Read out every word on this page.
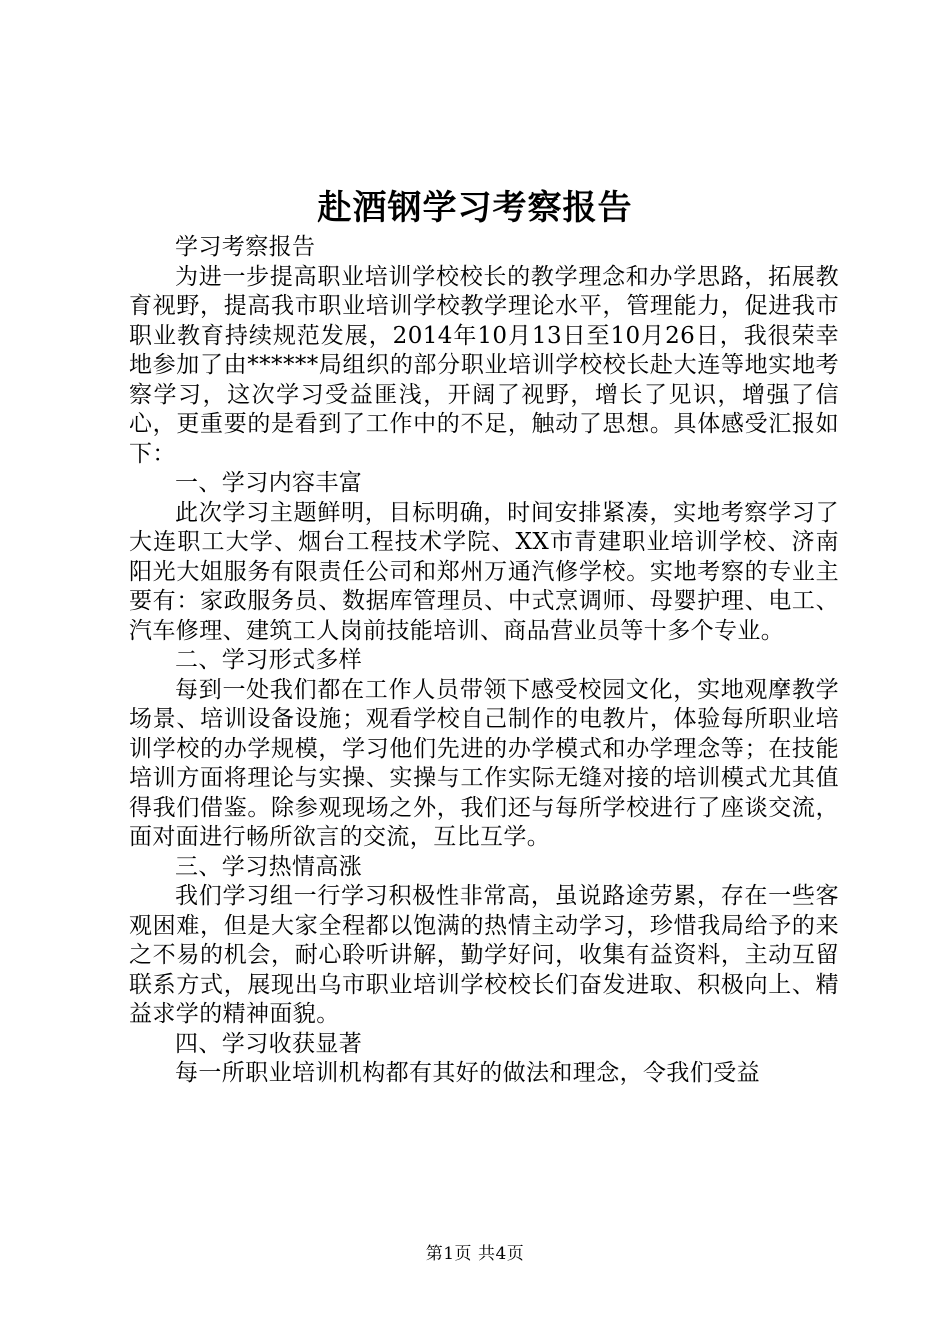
赴酒钢学习考察报告

学习考察报告

为进一步提高职业培训学校校长的教学理念和办学思路，拓展教育视野，提高我市职业培训学校教学理论水平，管理能力，促进我市职业教育持续规范发展，2014年10月13日至10月26日，我很荣幸地参加了由******局组织的部分职业培训学校校长赴大连等地实地考察学习，这次学习受益匪浅，开阔了视野，增长了见识，增强了信心，更重要的是看到了工作中的不足，触动了思想。具体感受汇报如下：

一、学习内容丰富

此次学习主题鲜明，目标明确，时间安排紧凑，实地考察学习了大连职工大学、烟台工程技术学院、XX市青建职业培训学校、济南阳光大姐服务有限责任公司和郑州万通汽修学校。实地考察的专业主要有：家政服务员、数据库管理员、中式烹调师、母婴护理、电工、汽车修理、建筑工人岗前技能培训、商品营业员等十多个专业。

二、学习形式多样

每到一处我们都在工作人员带领下感受校园文化，实地观摩教学场景、培训设备设施；观看学校自己制作的电教片，体验每所职业培训学校的办学规模，学习他们先进的办学模式和办学理念等；在技能培训方面将理论与实操、实操与工作实际无缝对接的培训模式尤其值得我们借鉴。除参观现场之外，我们还与每所学校进行了座谈交流，面对面进行畅所欲言的交流，互比互学。

三、学习热情高涨

我们学习组一行学习积极性非常高，虽说路途劳累，存在一些客观困难，但是大家全程都以饱满的热情主动学习，珍惜我局给予的来之不易的机会，耐心聆听讲解，勤学好问，收集有益资料，主动互留联系方式，展现出乌市职业培训学校校长们奋发进取、积极向上、精益求学的精神面貌。

四、学习收获显著

每一所职业培训机构都有其好的做法和理念，令我们受益

第1页 共4页
